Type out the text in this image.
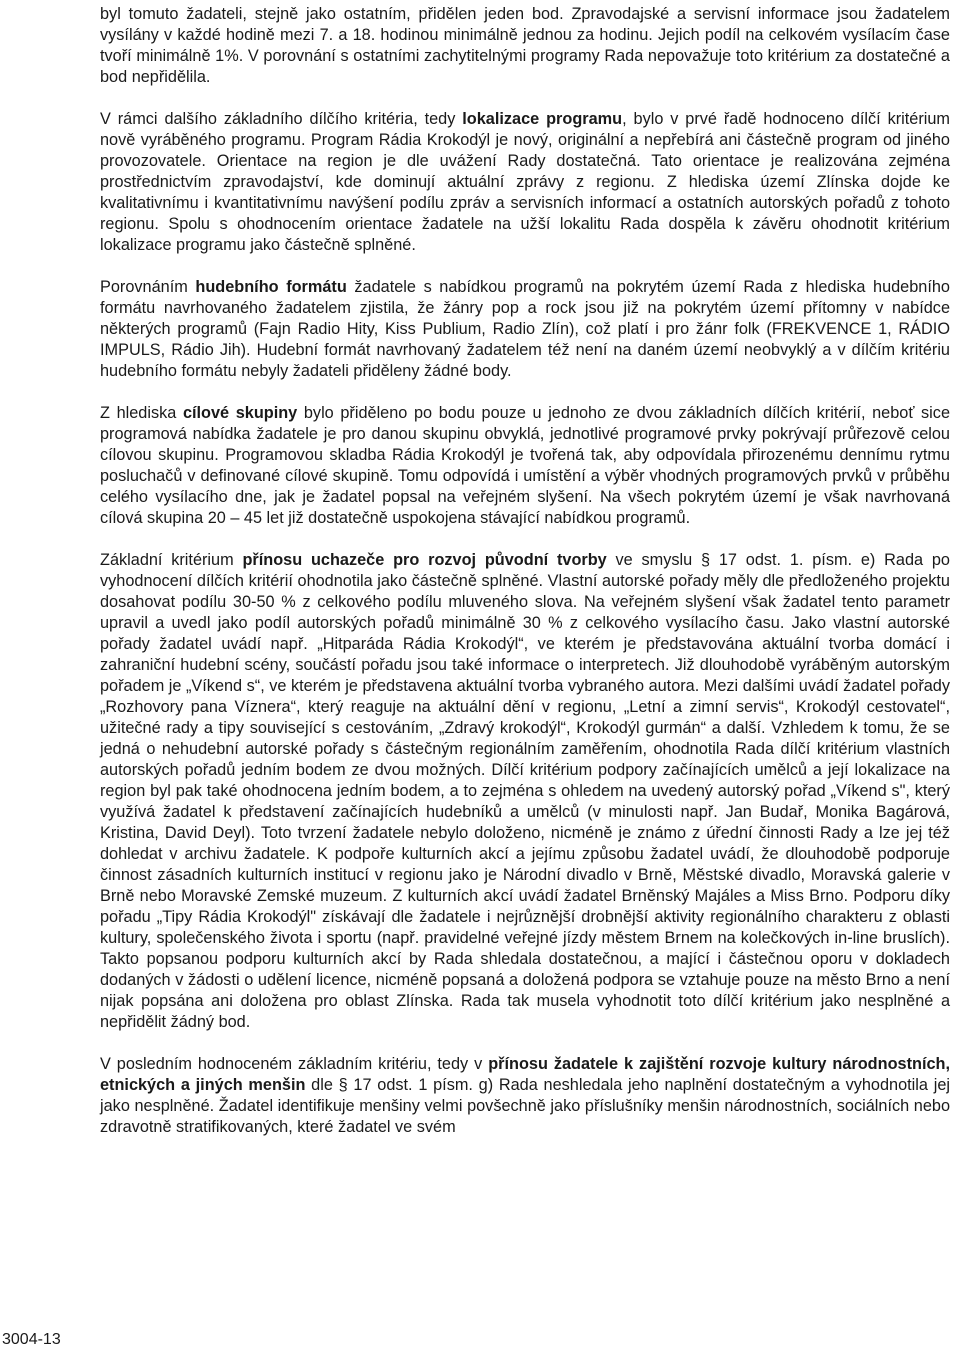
byl tomuto žadateli, stejně jako ostatním, přidělen jeden bod. Zpravodajské a servisní informace jsou žadatelem vysílány v každé hodině mezi 7. a 18. hodinou minimálně jednou za hodinu. Jejich podíl na celkovém vysílacím čase tvoří minimálně 1%. V porovnání s ostatními zachytitelnými programy Rada nepovažuje toto kritérium za dostatečné a bod nepřidělila.

V rámci dalšího základního dílčího kritéria, tedy lokalizace programu, bylo v prvé řadě hodnoceno dílčí kritérium nově vyráběného programu. Program Rádia Krokodýl je nový, originální a nepřebírá ani částečně program od jiného provozovatele. Orientace na region je dle uvážení Rady dostatečná. Tato orientace je realizována zejména prostřednictvím zpravodajství, kde dominují aktuální zprávy z regionu. Z hlediska území Zlínska dojde ke kvalitativnímu i kvantitativnímu navýšení podílu zpráv a servisních informací a ostatních autorských pořadů z tohoto regionu. Spolu s ohodnocením orientace žadatele na užší lokalitu Rada dospěla k závěru ohodnotit kritérium lokalizace programu jako částečně splněné.

Porovnáním hudebního formátu žadatele s nabídkou programů na pokrytém území Rada z hlediska hudebního formátu navrhovaného žadatelem zjistila, že žánry pop a rock jsou již na pokrytém území přítomny v nabídce některých programů (Fajn Radio Hity, Kiss Publium, Radio Zlín), což platí i pro žánr folk (FREKVENCE 1, RÁDIO IMPULS, Rádio Jih). Hudební formát navrhovaný žadatelem též není na daném území neobvyklý a v dílčím kritériu hudebního formátu nebyly žadateli přiděleny žádné body.

Z hlediska cílové skupiny bylo přiděleno po bodu pouze u jednoho ze dvou základních dílčích kritérií, neboť sice programová nabídka žadatele je pro danou skupinu obvyklá, jednotlivé programové prvky pokrývají průřezově celou cílovou skupinu. Programovou skladba Rádia Krokodýl je tvořená tak, aby odpovídala přirozenému dennímu rytmu posluchačů v definované cílové skupině. Tomu odpovídá i umístění a výběr vhodných programových prvků v průběhu celého vysílacího dne, jak je žadatel popsal na veřejném slyšení. Na všech pokrytém území je však navrhovaná cílová skupina 20 – 45 let již dostatečně uspokojena stávající nabídkou programů.

Základní kritérium přínosu uchazeče pro rozvoj původní tvorby ve smyslu § 17 odst. 1. písm. e) Rada po vyhodnocení dílčích kritérií ohodnotila jako částečně splněné. Vlastní autorské pořady měly dle předloženého projektu dosahovat podílu 30-50 % z celkového podílu mluveného slova. Na veřejném slyšení však žadatel tento parametr upravil a uvedl jako podíl autorských pořadů minimálně 30 % z celkového vysílacího času. Jako vlastní autorské pořady žadatel uvádí např. „Hitparáda Rádia Krokodýl“, ve kterém je představována aktuální tvorba domácí i zahraniční hudební scény, součástí pořadu jsou také informace o interpretech. Již dlouhodobě vyráběným autorským pořadem je „Víkend s“, ve kterém je představena aktuální tvorba vybraného autora. Mezi dalšími uvádí žadatel pořady „Rozhovory pana Víznera“, který reaguje na aktuální dění v regionu, „Letní a zimní servis“, Krokodýl cestovatel“, užitečné rady a tipy související s cestováním, „Zdravý krokodýl“, Krokodýl gurmán“ a další. Vzhledem k tomu, že se jedná o nehudební autorské pořady s částečným regionálním zaměřením, ohodnotila Rada dílčí kritérium vlastních autorských pořadů jedním bodem ze dvou možných. Dílčí kritérium podpory začínajících umělců a její lokalizace na region byl pak také ohodnocena jedním bodem, a to zejména s ohledem na uvedený autorský pořad „Víkend s", který využívá žadatel k představení začínajících hudebníků a umělců (v minulosti např. Jan Budař, Monika Bagárová, Kristina, David Deyl). Toto tvrzení žadatele nebylo doloženo, nicméně je známo z úřední činnosti Rady a lze jej též dohledat v archivu žadatele. K podpoře kulturních akcí a jejímu způsobu žadatel uvádí, že dlouhodobě podporuje činnost zásadních kulturních institucí v regionu jako je Národní divadlo v Brně, Městské divadlo, Moravská galerie v Brně nebo Moravské Zemské muzeum. Z kulturních akcí uvádí žadatel Brněnský Majáles a Miss Brno. Podporu díky pořadu „Tipy Rádia Krokodýl" získávají dle žadatele i nejrůznější drobnější aktivity regionálního charakteru z oblasti kultury, společenského života i sportu (např. pravidelné veřejné jízdy městem Brnem na kolečkových in-line bruslích). Takto popsanou podporu kulturních akcí by Rada shledala dostatečnou, a mající i částečnou oporu v dokladech dodaných v žádosti o udělení licence, nicméně popsaná a doložená podpora se vztahuje pouze na město Brno a není nijak popsána ani doložena pro oblast Zlínska. Rada tak musela vyhodnotit toto dílčí kritérium jako nesplněné a nepřidělit žádný bod.

V posledním hodnoceném základním kritériu, tedy v přínosu žadatele k zajištění rozvoje kultury národnostních, etnických a jiných menšin dle § 17 odst. 1 písm. g) Rada neshledala jeho naplnění dostatečným a vyhodnotila jej jako nesplněné. Žadatel identifikuje menšiny velmi povšechně jako příslušníky menšin národnostních, sociálních nebo zdravotně stratifikovaných, které žadatel ve svém

3004-13
